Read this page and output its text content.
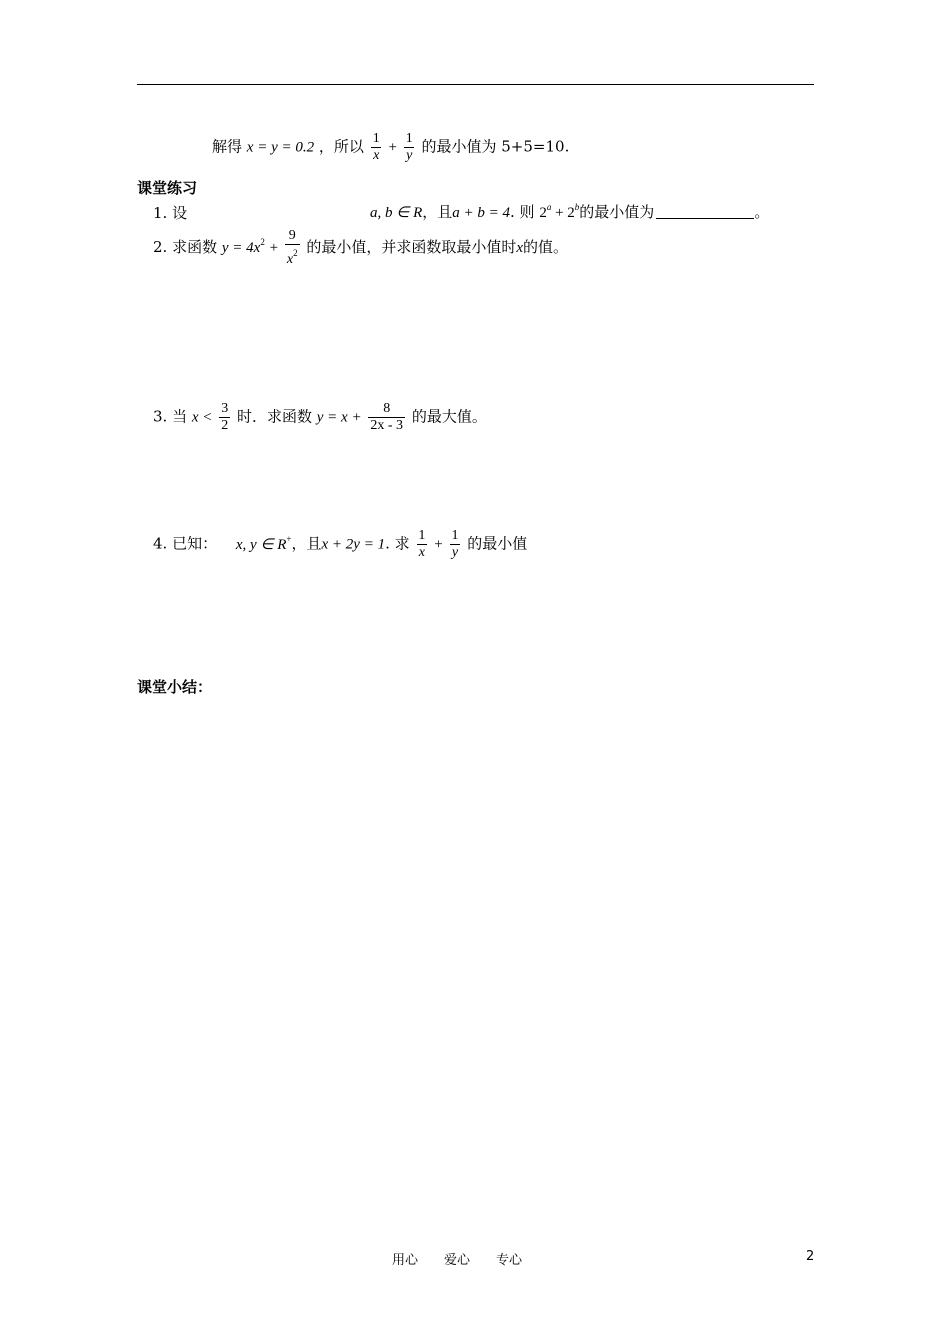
解得 x = y = 0.2 ，所以 $\frac{1}{x} + \frac{1}{y}$ 的最小值为 5+5=10.
课堂练习
1. 设	a, b ∈ R，且a + b = 4. 则 $2^a + 2^b$的最小值为	。
2. 求函数 $y = 4x^2 + \frac{9}{x^2}$ 的最小值，并求函数取最小值时x的值。
3. 当 $x < \frac{3}{2}$ 时．求函数 $y = x + \frac{8}{2x - 3}$ 的最大值。
4. 已知： x, y ∈ R+，且x + 2y = 1. 求 $\frac{1}{x} + \frac{1}{y}$ 的最小值
课堂小结：
用心　　爱心　　专心	2
